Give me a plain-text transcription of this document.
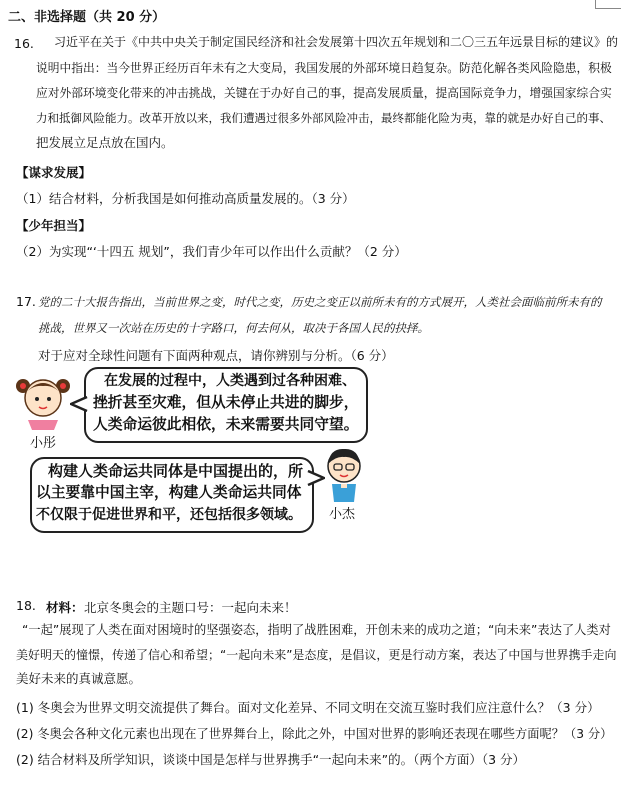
二、非选择题（共 20 分）
16. 习近平在关于《中共中央关于制定国民经济和社会发展第十四次五年规划和二〇三五年远景目标的建议》的
说明中指出：当今世界正经历百年未有之大变局，我国发展的外部环境日趋复杂。防范化解各类风险隐患，积极
应对外部环境变化带来的冲击挑战，关键在于办好自己的事，提高发展质量，提高国际竞争力，增强国家综合实
力和抵御风险能力。改革开放以来，我们遭遇过很多外部风险冲击，最终都能化险为夷，靠的就是办好自己的事、
把发展立足点放在国内。
【谋求发展】
（1）结合材料，分析我国是如何推动高质量发展的。（3 分）
【少年担当】
（2）为实现“‘十四五 规划”，我们青少年可以作出什么贡献？（2 分）
17. 党的二十大报告指出，当前世界之变，时代之变，历史之变正以前所未有的方式展开，人类社会面临前所未有的
挑战，世界又一次站在历史的十字路口，何去何从，取决于各国人民的抉择。
对于应对全球性问题有下面两种观点，请你辨别与分析。（6 分）
小彤
在发展的过程中，人类遇到过各种困难、
挫折甚至灾难，但从未停止共进的脚步，
人类命运彼此相依，未来需要共同守望。
构建人类命运共同体是中国提出的，所
以主要靠中国主宰，构建人类命运共同体
不仅限于促进世界和平，还包括很多领域。 小杰
18. 材料： 北京冬奥会的主题口号：一起向未来！
“一起”展现了人类在面对困境时的坚强姿态，指明了战胜困难，开创未来的成功之道；“向未来”表达了人类对
美好明天的憧憬，传递了信心和希望；“一起向未来”是态度，是倡议，更是行动方案，表达了中国与世界携手走向
美好未来的真诚意愿。
(1) 冬奥会为世界文明交流提供了舞台。面对文化差异、不同文明在交流互鉴时我们应注意什么？（3 分）
(2) 冬奥会各种文化元素也出现在了世界舞台上，除此之外，中国对世界的影响还表现在哪些方面呢？（3 分）
(2) 结合材料及所学知识，谈谈中国是怎样与世界携手“一起向未来”的。（两个方面）（3 分）
